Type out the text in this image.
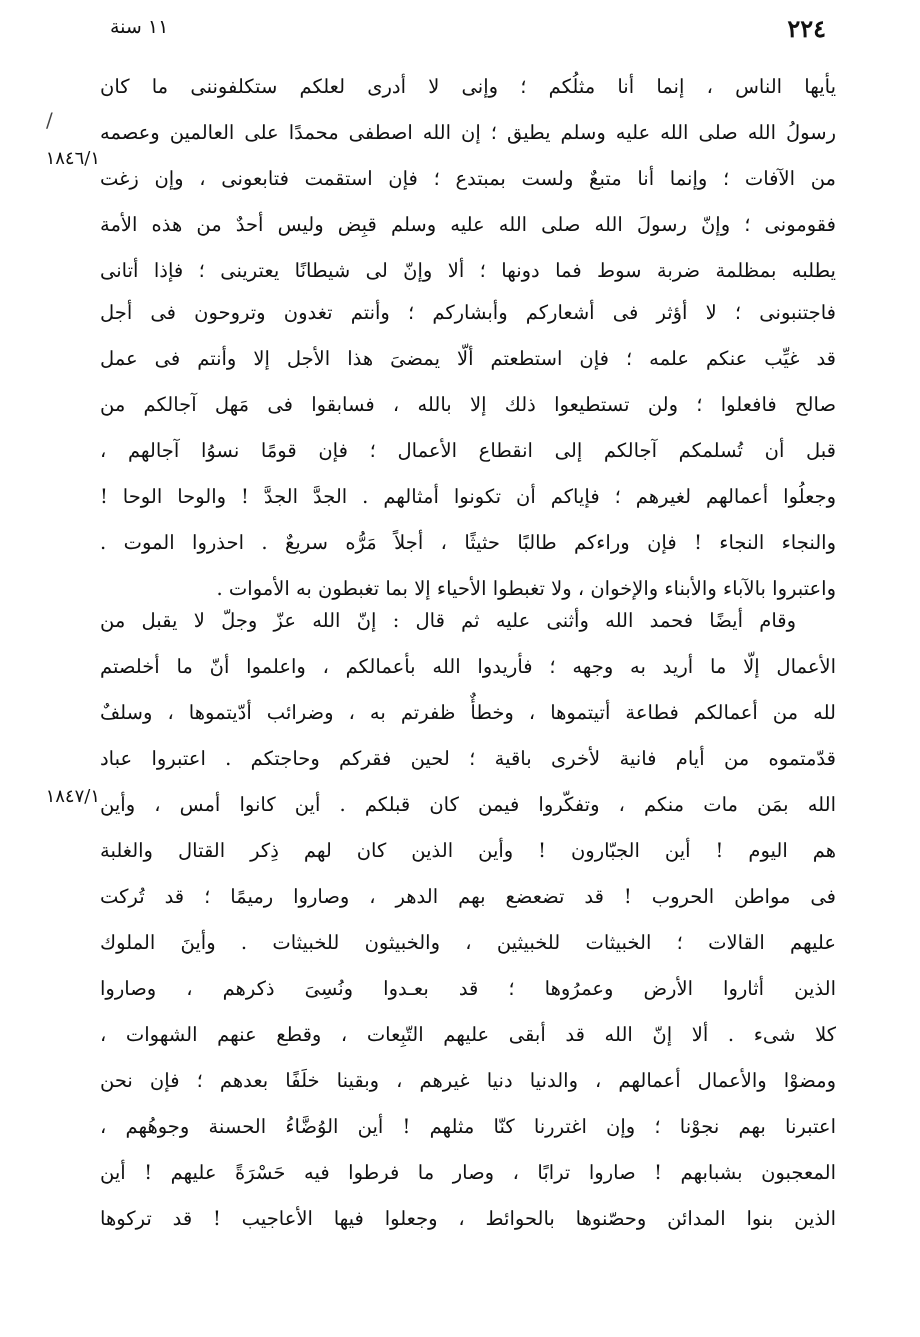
٢٢٤
١١ سنة
/
١٨٤٦/١
١٨٤٧/١
يأيها الناس ، إنما أنا مثلُكم ؛ وإنى لا أدرى لعلكم ستكلفوننى ما كان
رسولُ الله صلى الله عليه وسلم يطيق ؛ إن الله اصطفى محمدًا على العالمين وعصمه
من الآفات ؛ وإنما أنا متبعٌ ولست بمبتدع ؛ فإن استقمت فتابعونى ، وإن زغت
فقومونى ؛ وإنّ رسولَ الله صلى الله عليه وسلم قبِض وليس أحدٌ من هذه الأمة
يطلبه بمظلمة ضربة سوط فما دونها ؛ ألا وإنّ لى شيطانًا يعترينى ؛ فإذا أتانى
فاجتنبونى ؛ لا أؤثر فى أشعاركم وأبشاركم ؛ وأنتم تغدون وتروحون فى أجل
قد غيِّب عنكم علمه ؛ فإن استطعتم ألّا يمضىَ هذا الأجل إلا وأنتم فى عمل
صالح فافعلوا ؛ ولن تستطيعوا ذلك إلا بالله ، فسابقوا فى مَهل آجالكم من
قبل أن تُسلمكم آجالكم إلى انقطاع الأعمال ؛ فإن قومًا نسوُا آجالهم ،
وجعلُوا أعمالهم لغيرهم ؛ فإياكم أن تكونوا أمثالهم . الجدَّ الجدَّ ! والوحا الوحا !
والنجاء النجاء ! فإن وراءكم طالبًا حثيثًا ، أجلاً مَرُّه سريعٌ . احذروا الموت .
واعتبروا بالآباء والأبناء والإخوان ، ولا تغبطوا الأحياء إلا بما تغبطون به الأموات .
وقام أيضًا فحمد الله وأثنى عليه ثم قال : إنّ الله عزّ وجلّ لا يقبل من
الأعمال إلّا ما أريد به وجهه ؛ فأريدوا الله بأعمالكم ، واعلموا أنّ ما أخلصتم
لله من أعمالكم فطاعة أتيتموها ، وخطأٌ ظفرتم به ، وضرائب أدّيتموها ، وسلفٌ
قدّمتموه من أيام فانية لأخرى باقية ؛ لحين فقركم وحاجتكم . اعتبروا عباد
الله بمَن مات منكم ، وتفكّروا فيمن كان قبلكم . أين كانوا أمس ، وأين
هم اليوم ! أين الجبّارون ! وأين الذين كان لهم ذِكر القتال والغلبة
فى مواطن الحروب ! قد تضعضع بهم الدهر ، وصاروا رميمًا ؛ قد تُركت
عليهم القالات ؛ الخبيثات للخبيثين ، والخبيثون للخبيثات . وأينَ الملوك
الذين أثاروا الأرض وعمرُوها ؛ قد بعـدوا ونُسِىَ ذكرهم ، وصاروا
كلا شىء . ألا إنّ الله قد أبقى عليهم التّبِعات ، وقطع عنهم الشهوات ،
ومضوْا والأعمال أعمالهم ، والدنيا دنيا غيرهم ، وبقينا خلَفًا بعدهم ؛ فإن نحن
اعتبرنا بهم نجوْنا ؛ وإن اغتررنا كنّا مثلهم ! أين الوُضَّاءُ الحسنة وجوهُهم ،
المعجبون بشبابهم ! صاروا ترابًا ، وصار ما فرطوا فيه حَسْرَةً عليهم ! أين
الذين بنوا المدائن وحصّنوها بالحوائط ، وجعلوا فيها الأعاجيب ! قد تركوها
